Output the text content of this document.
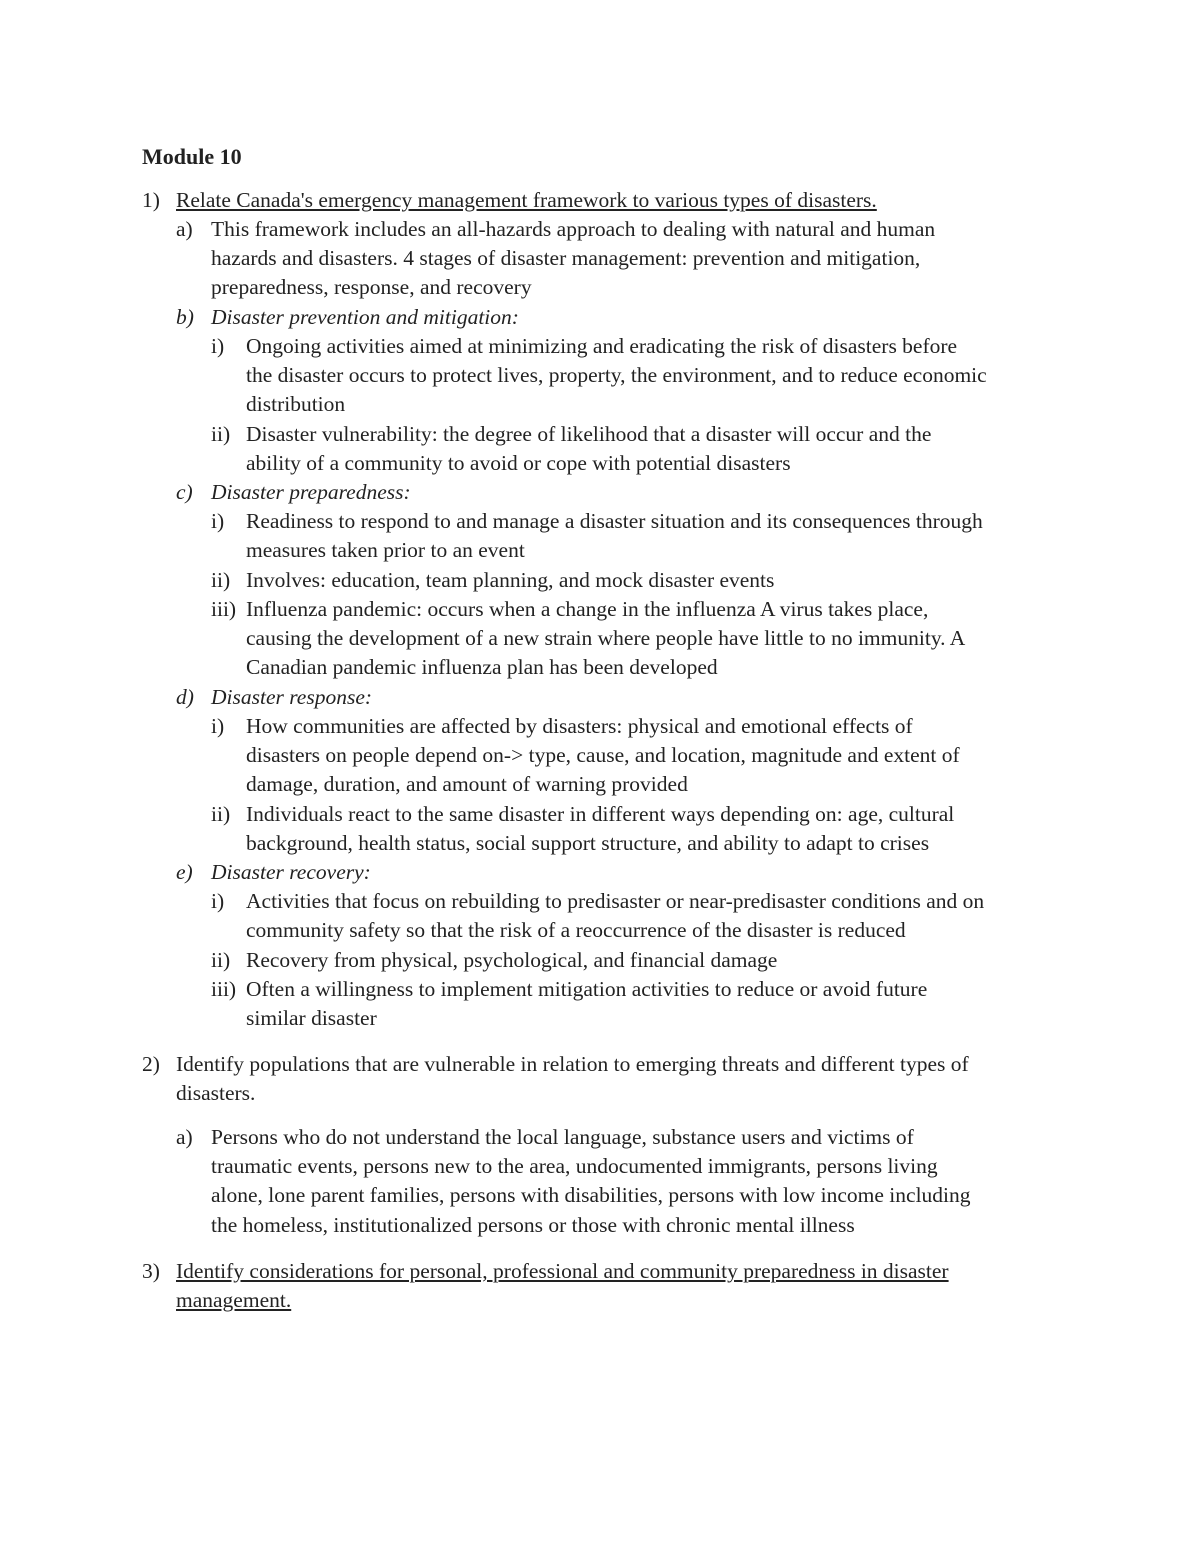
Module 10
1) Relate Canada's emergency management framework to various types of disasters.
a) This framework includes an all-hazards approach to dealing with natural and human
hazards and disasters. 4 stages of disaster management: prevention and mitigation,
preparedness, response, and recovery
b) Disaster prevention and mitigation:
i) Ongoing activities aimed at minimizing and eradicating the risk of disasters before
the disaster occurs to protect lives, property, the environment, and to reduce economic
distribution
ii) Disaster vulnerability: the degree of likelihood that a disaster will occur and the
ability of a community to avoid or cope with potential disasters
c) Disaster preparedness:
i) Readiness to respond to and manage a disaster situation and its consequences through
measures taken prior to an event
ii) Involves: education, team planning, and mock disaster events
iii) Influenza pandemic: occurs when a change in the influenza A virus takes place,
causing the development of a new strain where people have little to no immunity. A
Canadian pandemic influenza plan has been developed
d) Disaster response:
i) How communities are affected by disasters: physical and emotional effects of
disasters on people depend on-> type, cause, and location, magnitude and extent of
damage, duration, and amount of warning provided
ii) Individuals react to the same disaster in different ways depending on: age, cultural
background, health status, social support structure, and ability to adapt to crises
e) Disaster recovery:
i) Activities that focus on rebuilding to predisaster or near-predisaster conditions and on
community safety so that the risk of a reoccurrence of the disaster is reduced
ii) Recovery from physical, psychological, and financial damage
iii) Often a willingness to implement mitigation activities to reduce or avoid future
similar disaster
2) Identify populations that are vulnerable in relation to emerging threats and different types of
disasters.
a) Persons who do not understand the local language, substance users and victims of
traumatic events, persons new to the area, undocumented immigrants, persons living
alone, lone parent families, persons with disabilities, persons with low income including
the homeless, institutionalized persons or those with chronic mental illness
3) Identify considerations for personal, professional and community preparedness in disaster
management.
